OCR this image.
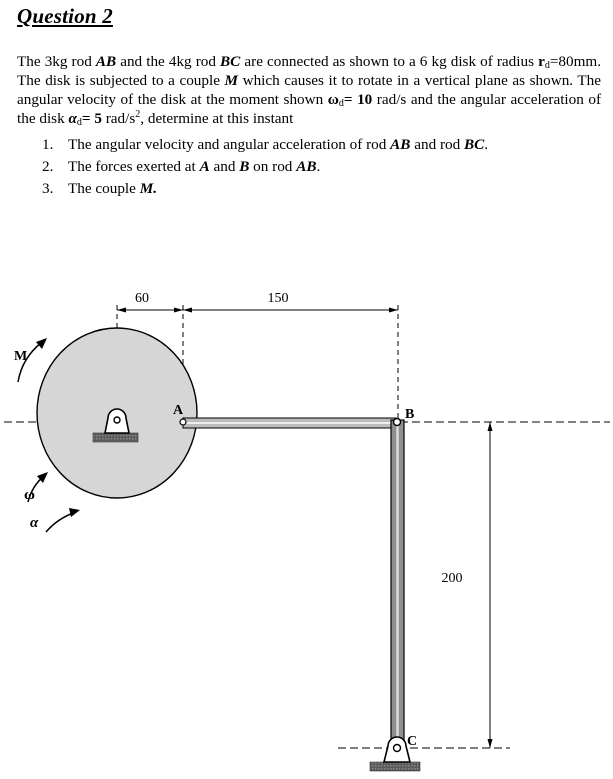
Question 2
The 3kg rod AB and the 4kg rod BC are connected as shown to a 6 kg disk of radius $r_d=80mm$. The disk is subjected to a couple M which causes it to rotate in a vertical plane as shown. The angular velocity of the disk at the moment shown $\omega_d= 10$ rad/s and the angular acceleration of the disk $\alpha_d= 5$ rad/$s^2$, determine at this instant
1. The angular velocity and angular acceleration of rod AB and rod BC.
2. The forces exerted at A and B on rod AB.
3. The couple M.
60	150
200
M
ω
α
A	B
C
